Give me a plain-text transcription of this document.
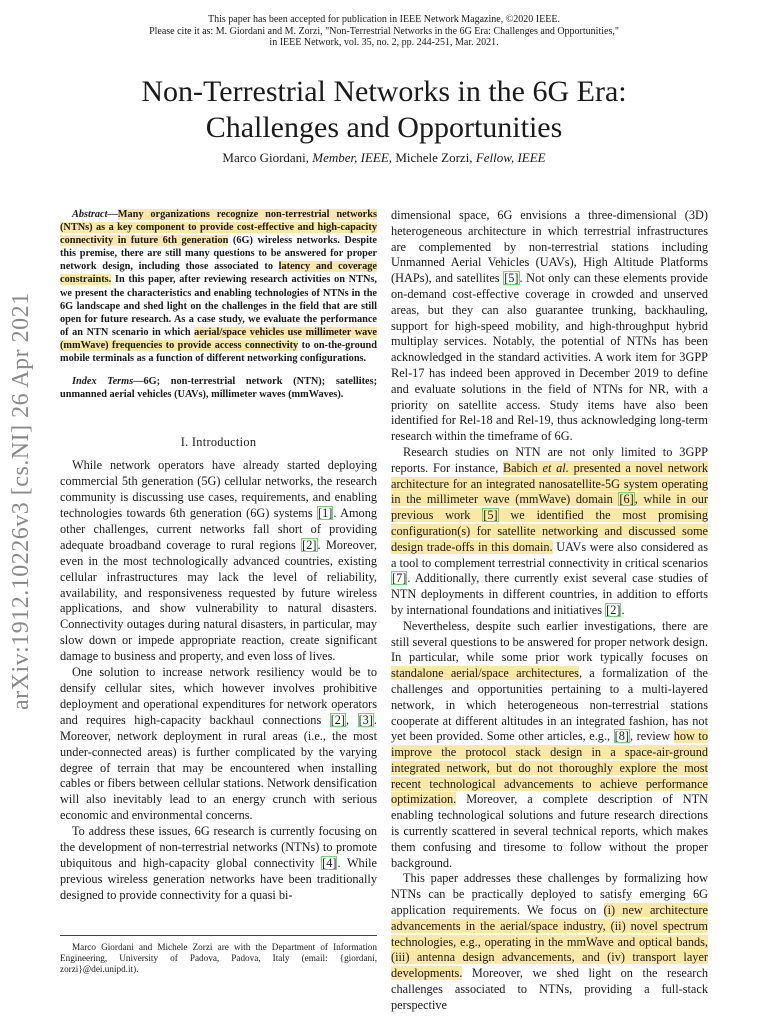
This paper has been accepted for publication in IEEE Network Magazine, ©2020 IEEE.
Please cite it as: M. Giordani and M. Zorzi, "Non-Terrestrial Networks in the 6G Era: Challenges and Opportunities,"
in IEEE Network, vol. 35, no. 2, pp. 244-251, Mar. 2021.
Non-Terrestrial Networks in the 6G Era:
Challenges and Opportunities
Marco Giordani, Member, IEEE, Michele Zorzi, Fellow, IEEE
arXiv:1912.10226v3 [cs.NI] 26 Apr 2021

Abstract—Many organizations recognize non-terrestrial networks (NTNs) as a key component to provide cost-effective and high-capacity connectivity in future 6th generation (6G) wireless networks. Despite this premise, there are still many questions to be answered for proper network design, including those associated to latency and coverage constraints. In this paper, after reviewing research activities on NTNs, we present the characteristics and enabling technologies of NTNs in the 6G landscape and shed light on the challenges in the field that are still open for future research. As a case study, we evaluate the performance of an NTN scenario in which aerial/space vehicles use millimeter wave (mmWave) frequencies to provide access connectivity to on-the-ground mobile terminals as a function of different networking configurations.

Index Terms—6G; non-terrestrial network (NTN); satellites; unmanned aerial vehicles (UAVs), millimeter waves (mmWaves).

I. Introduction

While network operators have already started deploying commercial 5th generation (5G) cellular networks, the research community is discussing use cases, requirements, and enabling technologies towards 6th generation (6G) systems [1]. Among other challenges, current networks fall short of providing adequate broadband coverage to rural regions [2]. Moreover, even in the most technologically advanced countries, existing cellular infrastructures may lack the level of reliability, availability, and responsiveness requested by future wireless applications, and show vulnerability to natural disasters. Connectivity outages during natural disasters, in particular, may slow down or impede appropriate reaction, create significant damage to business and property, and even loss of lives.

One solution to increase network resiliency would be to densify cellular sites, which however involves prohibitive deployment and operational expenditures for network operators and requires high-capacity backhaul connections [2], [3]. Moreover, network deployment in rural areas (i.e., the most under-connected areas) is further complicated by the varying degree of terrain that may be encountered when installing cables or fibers between cellular stations. Network densification will also inevitably lead to an energy crunch with serious economic and environmental concerns.

To address these issues, 6G research is currently focusing on the development of non-terrestrial networks (NTNs) to promote ubiquitous and high-capacity global connectivity [4]. While previous wireless generation networks have been traditionally designed to provide connectivity for a quasi bi-

Marco Giordani and Michele Zorzi are with the Department of Information Engineering, University of Padova, Padova, Italy (email: {giordani, zorzi}@dei.unipd.it).

dimensional space, 6G envisions a three-dimensional (3D) heterogeneous architecture in which terrestrial infrastructures are complemented by non-terrestrial stations including Unmanned Aerial Vehicles (UAVs), High Altitude Platforms (HAPs), and satellites [5]. Not only can these elements provide on-demand cost-effective coverage in crowded and unserved areas, but they can also guarantee trunking, backhauling, support for high-speed mobility, and high-throughput hybrid multiplay services. Notably, the potential of NTNs has been acknowledged in the standard activities. A work item for 3GPP Rel-17 has indeed been approved in December 2019 to define and evaluate solutions in the field of NTNs for NR, with a priority on satellite access. Study items have also been identified for Rel-18 and Rel-19, thus acknowledging long-term research within the timeframe of 6G.

Research studies on NTN are not only limited to 3GPP reports. For instance, Babich et al. presented a novel network architecture for an integrated nanosatellite-5G system operating in the millimeter wave (mmWave) domain [6], while in our previous work [5] we identified the most promising configuration(s) for satellite networking and discussed some design trade-offs in this domain. UAVs were also considered as a tool to complement terrestrial connectivity in critical scenarios [7]. Additionally, there currently exist several case studies of NTN deployments in different countries, in addition to efforts by international foundations and initiatives [2].

Nevertheless, despite such earlier investigations, there are still several questions to be answered for proper network design. In particular, while some prior work typically focuses on standalone aerial/space architectures, a formalization of the challenges and opportunities pertaining to a multi-layered network, in which heterogeneous non-terrestrial stations cooperate at different altitudes in an integrated fashion, has not yet been provided. Some other articles, e.g., [8], review how to improve the protocol stack design in a space-air-ground integrated network, but do not thoroughly explore the most recent technological advancements to achieve performance optimization. Moreover, a complete description of NTN enabling technological solutions and future research directions is currently scattered in several technical reports, which makes them confusing and tiresome to follow without the proper background.

This paper addresses these challenges by formalizing how NTNs can be practically deployed to satisfy emerging 6G application requirements. We focus on (i) new architecture advancements in the aerial/space industry, (ii) novel spectrum technologies, e.g., operating in the mmWave and optical bands, (iii) antenna design advancements, and (iv) transport layer developments. Moreover, we shed light on the research challenges associated to NTNs, providing a full-stack perspective
